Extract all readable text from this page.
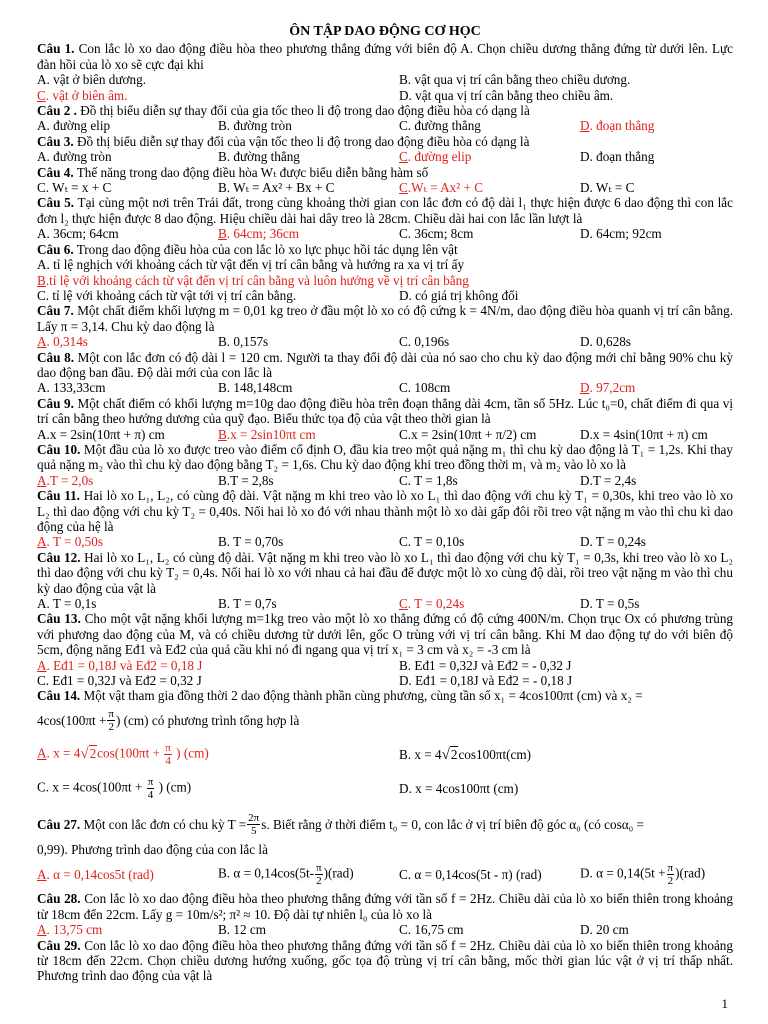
ÔN TẬP DAO ĐỘNG CƠ HỌC
Câu 1. Con lắc lò xo dao động điều hòa theo phương thẳng đứng với biên độ A. Chọn chiều dương thẳng đứng từ dưới lên. Lực đàn hồi của lò xo sẽ cực đại khi
A. vật ở biên dương.	B. vật qua vị trí cân bằng theo chiều dương.
C. vật ở biên âm.	D. vật qua vị trí cân bằng theo chiều âm.
Câu 2 . Đồ thị biểu diễn sự thay đổi của gia tốc theo li độ trong dao động điều hòa có dạng là
A. đường elip	B. đường tròn	C. đường thẳng	D. đoạn thẳng
Câu 3. Đồ thị biểu diễn sự thay đổi của vận tốc theo li độ trong dao động điều hòa có dạng là
A. đường tròn	B. đường thẳng	C. đường elip	D. đoạn thẳng
Câu 4. Thế năng trong dao động điều hòa Wₜ được biểu diễn bằng hàm số
C. Wₜ = x + C	B. Wₜ = Ax² + Bx + C	C.Wₜ = Ax² + C	D. Wₜ = C
Câu 5. Tại cùng một nơi trên Trái đất, trong cùng khoảng thời gian con lắc đơn có độ dài l₁ thực hiện được 6 dao động thì con lắc đơn l₂ thực hiện được 8 dao động. Hiệu chiều dài hai dây treo là 28cm. Chiều dài hai con lắc lần lượt là
A. 36cm; 64cm	B. 64cm; 36cm	C. 36cm; 8cm	D. 64cm; 92cm
Câu 6. Trong dao động điều hòa của con lắc lò xo lực phục hồi tác dụng lên vật
A. tỉ lệ nghịch với khoảng cách từ vật đến vị trí cân bằng và hướng ra xa vị trí ấy
B.tỉ lệ với khoảng cách từ vật đến vị trí cân bằng và luôn hướng về vị trí cân bằng
C. tỉ lệ với khoảng cách từ vật tới vị trí cân bằng.	D. có giá trị không đổi
Câu 7. Một chất điểm khối lượng m = 0,01 kg treo ở đầu một lò xo có độ cứng k = 4N/m, dao động điều hòa quanh vị trí cân bằng. Lấy π = 3,14. Chu kỳ dao động là
A. 0,314s	B. 0,157s	C. 0,196s	D. 0,628s
Câu 8. Một con lắc đơn có độ dài l = 120 cm. Người ta thay đổi độ dài của nó sao cho chu kỳ dao động mới chỉ bằng 90% chu kỳ dao động ban đầu. Độ dài mới của con lắc là
A. 133,33cm	B. 148,148cm	C. 108cm	D. 97,2cm
Câu 9. Một chất điểm có khối lượng m=10g dao động điều hòa trên đoạn thẳng dài 4cm, tần số 5Hz. Lúc t₀=0, chất điểm đi qua vị trí cân bằng theo hướng dương của quỹ đạo. Biểu thức tọa độ của vật theo thời gian là
A.x = 2sin(10πt + π) cm	B.x = 2sin10πt cm	C.x = 2sin(10πt + π/2) cm	D.x = 4sin(10πt + π) cm
Câu 10. Một đầu của lò xo được treo vào điểm cố định O, đầu kia treo một quả nặng m₁ thì chu kỳ dao động là T₁ = 1,2s. Khi thay quả nặng m₂ vào thì chu kỳ dao động bằng T₂ = 1,6s. Chu kỳ dao động khi treo đồng thời m₁ và m₂ vào lò xo là
A.T = 2,0s	B.T = 2,8s	C. T = 1,8s	D.T = 2,4s
Câu 11. Hai lò xo L₁, L₂, có cùng độ dài. Vật nặng m khi treo vào lò xo L₁ thì dao động với chu kỳ T₁ = 0,30s, khi treo vào lò xo L₂ thì dao động với chu kỳ T₂ = 0,40s. Nối hai lò xo đó với nhau thành một lò xo dài gấp đôi rồi treo vật nặng m vào thì chu kì dao động của hệ là
A. T = 0,50s	B. T = 0,70s	C. T = 0,10s	D. T = 0,24s
Câu 12. Hai lò xo L₁, L₂ có cùng độ dài. Vật nặng m khi treo vào lò xo L₁ thì dao động với chu kỳ T₁ = 0,3s, khi treo vào lò xo L₂ thì dao động với chu kỳ T₂ = 0,4s. Nối hai lò xo với nhau cả hai đầu để được một lò xo cùng độ dài, rồi treo vật nặng m vào thì chu kỳ dao động của vật là
A. T = 0,1s	B. T = 0,7s	C. T = 0,24s	D. T = 0,5s
Câu 13. Cho một vật nặng khối lượng m=1kg treo vào một lò xo thẳng đứng có độ cứng 400N/m. Chọn trục Ox có phương trùng với phương dao động của M, và có chiều dương từ dưới lên, gốc O trùng với vị trí cân bằng. Khi M dao động tự do với biên độ 5cm, động năng Eđ1 và Eđ2 của quả cầu khi nó đi ngang qua vị trí x₁ = 3 cm và x₂ = -3 cm là
A. Eđ1 = 0,18J và Eđ2 = 0,18 J	B. Eđ1 = 0,32J và Eđ2 = - 0,32 J
C. Eđ1 = 0,32J và Eđ2 = 0,32 J	D. Eđ1 = 0,18J và Eđ2 = - 0,18 J
Câu 14. Một vật tham gia đồng thời 2 dao động thành phần cùng phương, cùng tần số x₁ = 4cos100πt (cm) và x₂ =
$4\cos(100\pi t + \frac{\pi}{2}$ ) (cm) có phương trình tổng hợp là
A. $x = 4√2\cos(100\pi t + \frac{\pi}{4}$ ) (cm)	B. x = 4√2cos100πt(cm)
C. $x = 4\cos(100\pi t + \frac{\pi}{4}$ ) (cm)	D. x = 4cos100πt (cm)
Câu 27.
Một con lắc đơn có chu kỳ $T = \frac{2\pi}{5} s$. Biết rằng ở thời điểm t₀ = 0, con lắc ở vị trí biên độ góc α₀ (có cosα₀ =
0,99). Phương trình dao động của con lắc là
A. α = 0,14cos5t (rad)	B. $\alpha = 0,14\cos(5t- \frac{\pi}{2} )(rad)$	C. α = 0,14cos(5t - π) (rad)	D. $\alpha = 0,14(5t + \frac{\pi}{2} )(rad)$
Câu 28. Con lắc lò xo dao động điều hòa theo phương thẳng đứng với tần số f = 2Hz. Chiều dài của lò xo biến thiên trong khoảng từ 18cm đến 22cm. Lấy g = 10m/s²; π² ≈ 10. Độ dài tự nhiên l₀ của lò xo là
A. 13,75 cm	B. 12 cm	C. 16,75 cm	D. 20 cm
Câu 29. Con lắc lò xo dao động điều hòa theo phương thẳng đứng với tần số f = 2Hz. Chiều dài của lò xo biến thiên trong khoảng từ 18cm đến 22cm. Chọn chiều dương hướng xuống, gốc tọa độ trùng vị trí cân bằng, mốc thời gian lúc vật ở vị trí thấp nhất. Phương trình dao động của vật là
1
